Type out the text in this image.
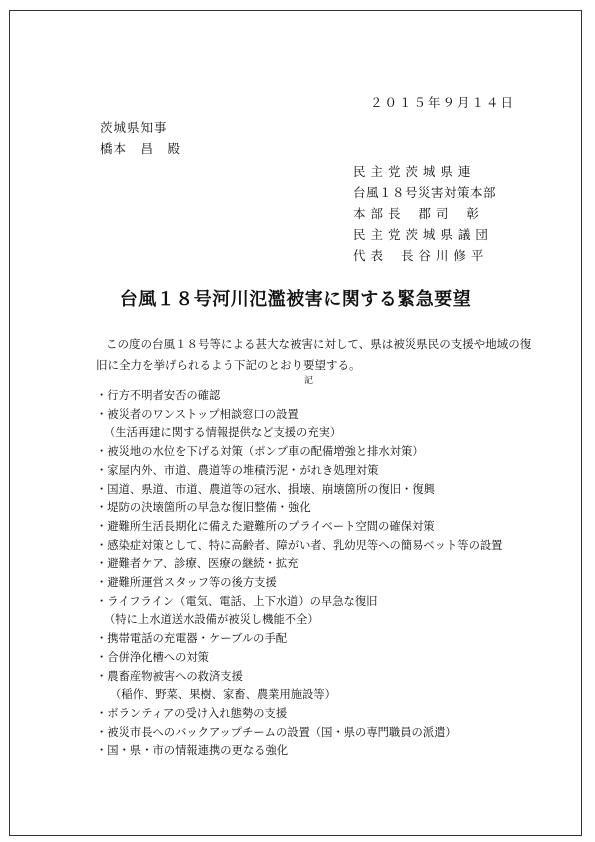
２０１５年９月１４日
茨城県知事
橋本　昌　殿
民 主 党 茨 城 県 連
台風１８号災害対策本部
本 部 長　 郡 司　 彰
民 主 党 茨 城 県 議 団
代 表　 長 谷 川 修 平
台風１８号河川氾濫被害に関する緊急要望
この度の台風１８号等による甚大な被害に対して、県は被災県民の支援や地域の復旧に全力を挙げられるよう下記のとおり要望する。
記
・行方不明者安否の確認
・被災者のワンストップ相談窓口の設置
（生活再建に関する情報提供など支援の充実）
・被災地の水位を下げる対策（ポンプ車の配備増強と排水対策）
・家屋内外、市道、農道等の堆積汚泥・がれき処理対策
・国道、県道、市道、農道等の冠水、損壊、崩壊箇所の復旧・復興
・堤防の決壊箇所の早急な復旧整備・強化
・避難所生活長期化に備えた避難所のプライベート空間の確保対策
・感染症対策として、特に高齢者、障がい者、乳幼児等への簡易ベット等の設置
・避難者ケア、診療、医療の継続・拡充
・避難所運営スタッフ等の後方支援
・ライフライン（電気、電話、上下水道）の早急な復旧
（特に上水道送水設備が被災し機能不全）
・携帯電話の充電器・ケーブルの手配
・合併浄化槽への対策
・農畜産物被害への救済支援
（稲作、野菜、果樹、家畜、農業用施設等）
・ボランティアの受け入れ態勢の支援
・被災市長へのバックアップチームの設置（国・県の専門職員の派遣）
・国・県・市の情報連携の更なる強化
